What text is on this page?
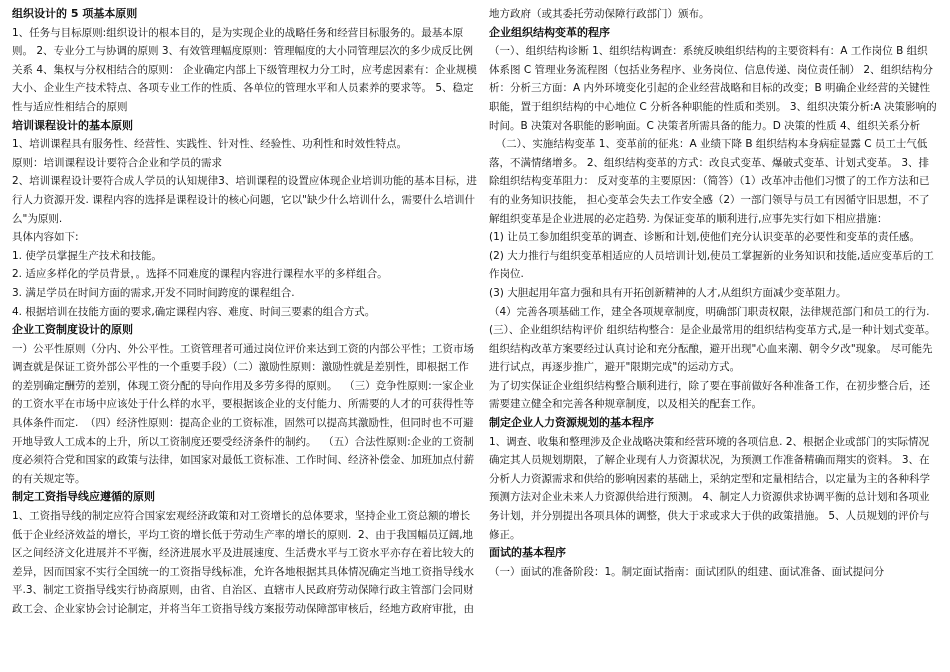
组织设计的 5 项基本原则
1、任务与目标原则:组织设计的根本目的，是为实现企业的战略任务和经营目标服务的。最基本原则。 2、专业分工与协调的原则 3、有效管理幅度原则：管理幅度的大小同管理层次的多少成反比例关系 4、集权与分权相结合的原则： 企业确定内部上下级管理权力分工时，应考虑因素有：企业规模大小、企业生产技术特点、各项专业工作的性质、各单位的管理水平和人员素养的要求等。 5、稳定性与适应性相结合的原则
培训课程设计的基本原则
1、培训课程具有服务性、经营性、实践性、针对性、经验性、功利性和时效性特点。
原则：培训课程设计要符合企业和学员的需求
2、培训课程设计要符合成人学员的认知规律3、培训课程的设置应体现企业培训功能的基本目标，进行人力资源开发. 课程内容的选择是课程设计的核心问题，它以"缺少什么培训什么，需要什么培训什么"为原则.
具体内容如下:
1. 使学员掌握生产技术和技能。
2. 适应多样化的学员背景，。选择不同难度的课程内容进行课程水平的多样组合。
3. 满足学员在时间方面的需求,开发不同时间跨度的课程组合.
4. 根据培训在技能方面的要求,确定课程内容、难度、时间三要素的组合方式。
企业工资制度设计的原则
一）公平性原则（分内、外公平性。工资管理者可通过岗位评价来达到工资的内部公平性；工资市场调查就是保证工资外部公平性的一个重要手段）（二）激励性原则：激励性就是差别性，即根据工作的差别确定酬劳的差别，体现工资分配的导向作用及多劳多得的原则。  （三）竞争性原则:一家企业的工资水平在市场中应该处于什么样的水平，要根据该企业的支付能力、所需要的人才的可获得性等具体条件而定.  （四）经济性原则：提高企业的工资标准，固然可以提高其激励性，但同时也不可避开地导致人工成本的上升，所以工资制度还要受经济条件的制约。  （五）合法性原则:企业的工资制度必须符合党和国家的政策与法律，如国家对最低工资标准、工作时间、经济补偿金、加班加点付薪的有关规定等。
制定工资指导线应遵循的原则
1、工资指导线的制定应符合国家宏观经济政策和对工资增长的总体要求，坚持企业工资总额的增长低于企业经济效益的增长，平均工资的增长低于劳动生产率的增长的原则.  2、由于我国幅员辽阔,地区之间经济文化进展并不平衡，经济进展水平及进展速度、生活费水平与工资水平亦存在着比较大的差异，因而国家不实行全国统一的工资指导线标准，允许各地根据其具体情况确定当地工资指导线水平.3、制定工资指导线实行协商原则，由省、自治区、直辖市人民政府劳动保障行政主管部门会同财政工会、企业家协会讨论制定，并将当年工资指导线方案报劳动保障部审核后，经地方政府审批，由
地方政府（或其委托劳动保障行政部门）颁布。
企业组织结构变革的程序
（一）、组织结构诊断 1、组织结构调查：系统反映组织结构的主要资料有：A 工作岗位 B 组织体系图 C 管理业务流程图（包括业务程序、业务岗位、信息传递、岗位责任制） 2、组织结构分析：分析三方面：A 内外环境变化引起的企业经营战略和目标的改变；B 明确企业经营的关键性职能，置于组织结构的中心地位 C 分析各种职能的性质和类别。 3、组织决策分析:A 决策影响的时间。B 决策对各职能的影响面。C 决策者所需具备的能力。D 决策的性质 4、组织关系分析
（二）、实施结构变革 1、变革前的征兆：A 业绩下降 B 组织结构本身病症显露 C 员工士气低落，不满情绪增多。 2、组织结构变革的方式：改良式变革、爆破式变革、计划式变革。 3、排除组织结构变革阻力： 反对变革的主要原因：（简答）（1）改革冲击他们习惯了的工作方法和已有的业务知识技能， 担心变革会失去工作安全感（2）一部门领导与员工有因循守旧思想，不了解组织变革是企业进展的必定趋势. 为保证变革的顺利进行,应事先实行如下相应措施：
(1) 让员工参加组织变革的调查、诊断和计划,使他们充分认识变革的必要性和变革的责任感。
(2) 大力推行与组织变革相适应的人员培训计划,使员工掌握新的业务知识和技能,适应变革后的工作岗位.
(3) 大胆起用年富力强和具有开拓创新精神的人才,从组织方面减少变革阻力。
（4）完善各项基础工作，建全各项规章制度，明确部门职责权限，法律规范部门和员工的行为.
(三）、企业组织结构评价 组织结构整合：是企业最常用的组织结构变革方式,是一种计划式变革。 组织结构改革方案要经过认真讨论和充分酝酿，避开出现"心血来潮、朝令夕改"现象。 尽可能先进行试点，再逐步推广，避开"限期完成"的运动方式。
为了切实保证企业组织结构整合顺利进行，除了要在事前做好各种准备工作，在初步整合后，还需要建立健全和完善各种规章制度，以及相关的配套工作。
制定企业人力资源规划的基本程序
1、调查、收集和整理涉及企业战略决策和经营环境的各项信息. 2、根据企业或部门的实际情况确定其人员规划期限，了解企业现有人力资源状况，为预测工作准备精确而翔实的资料。 3、在分析人力资源需求和供给的影响因素的基础上，采纳定型和定量相结合，以定量为主的各种科学预测方法对企业未来人力资源供给进行预测。 4、制定人力资源供求协调平衡的总计划和各项业务计划，并分别提出各项具体的调整，供大于求或求大于供的政策措施。 5、人员规划的评价与修正。
面试的基本程序
（一）面试的准备阶段：1。制定面试指南：面试团队的组建、面试准备、面试提问分
